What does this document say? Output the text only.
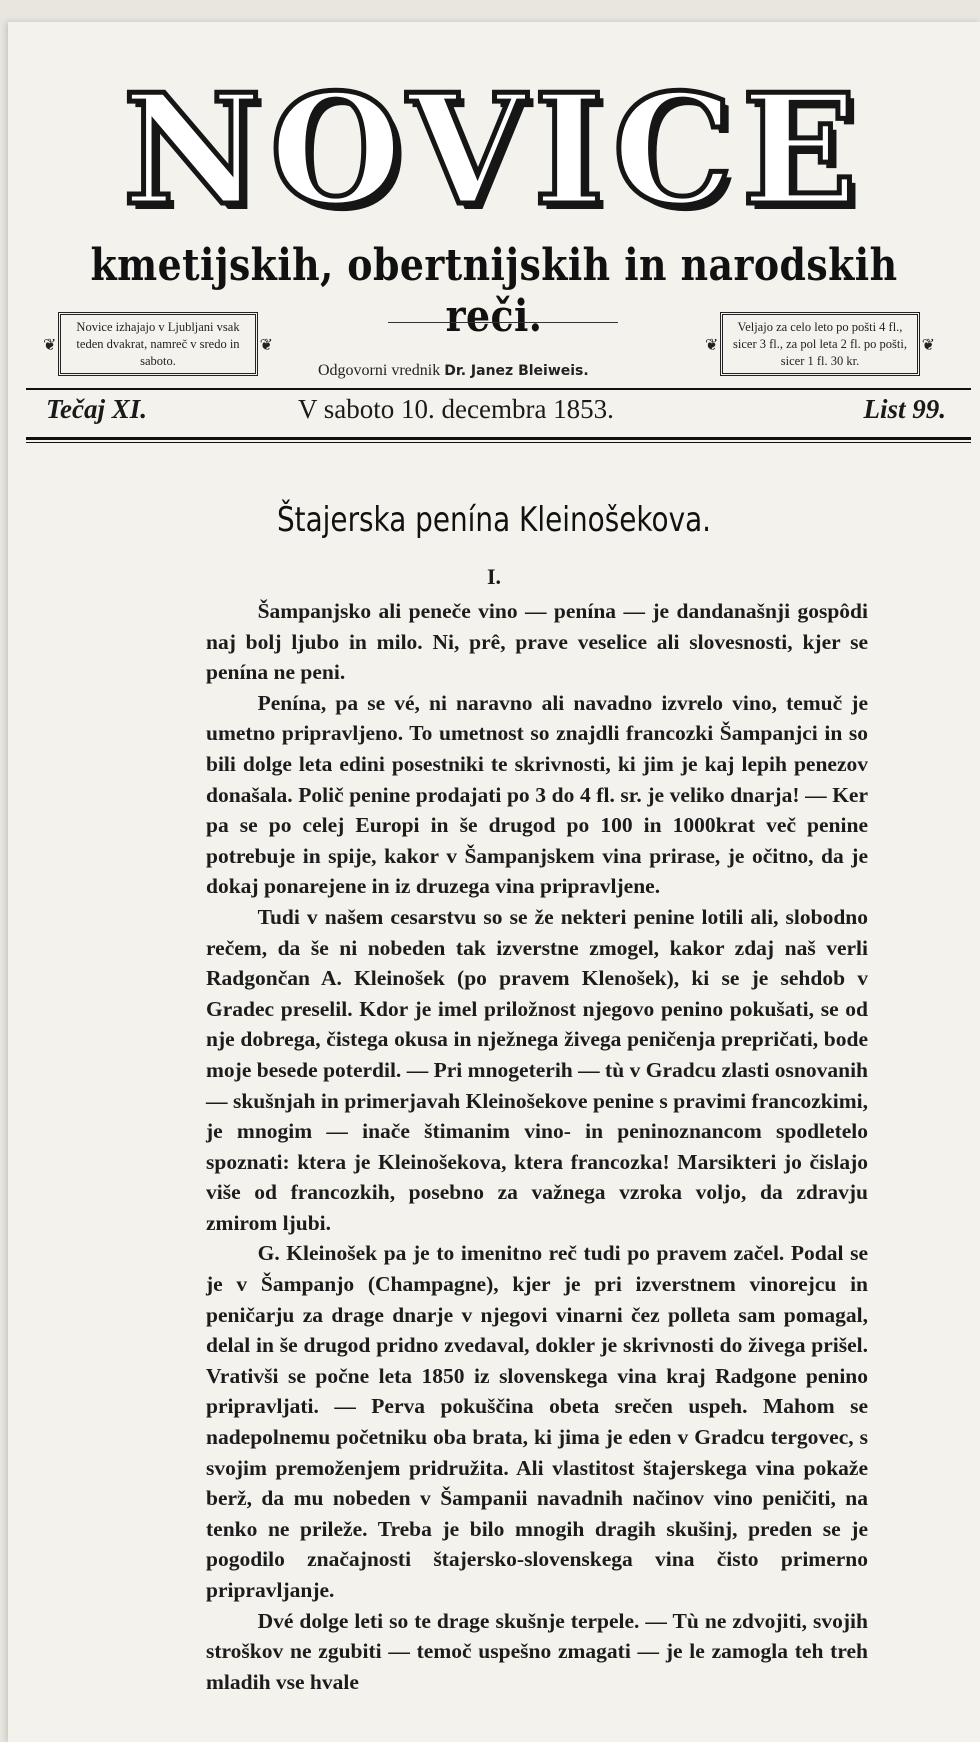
NOVICE
kmetijskih, obertnijskih in narodskih reči.
❦
Novice izhajajo v Ljubljani vsak teden dvakrat, namreč v sredo in saboto.
❦
Odgovorni vrednik Dr. Janez Bleiweis.
❦
Veljajo za celo leto po pošti 4 fl., sicer 3 fl., za pol leta 2 fl. po pošti, sicer 1 fl. 30 kr.
❦
Tečaj XI.	V saboto 10. decembra 1853.	List 99.
Štajerska penína Kleinošekova.
I.

Šampanjsko ali peneče vino — penína — je dandanašnji gospôdi naj bolj ljubo in milo. Ni, prê, prave veselice ali slovesnosti, kjer se penína ne peni.

Penína, pa se vé, ni naravno ali navadno izvrelo vino, temuč je umetno pripravljeno. To umetnost so znajdli francozki Šampanjci in so bili dolge leta edini posestniki te skrivnosti, ki jim je kaj lepih penezov donašala. Polič penine prodajati po 3 do 4 fl. sr. je veliko dnarja! — Ker pa se po celej Europi in še drugod po 100 in 1000krat več penine potrebuje in spije, kakor v Šampanjskem vina prirase, je očitno, da je dokaj ponarejene in iz druzega vina pripravljene.

Tudi v našem cesarstvu so se že nekteri penine lotili ali, slobodno rečem, da še ni nobeden tak izverstne zmogel, kakor zdaj naš verli Radgončan A. Kleinošek (po pravem Klenošek), ki se je sehdob v Gradec preselil. Kdor je imel priložnost njegovo penino pokušati, se od nje dobrega, čistega okusa in nježnega živega peničenja prepričati, bode moje besede poterdil. — Pri mnogeterih — tù v Gradcu zlasti osnovanih — skušnjah in primerjavah Kleinošekove penine s pravimi francozkimi, je mnogim — inače štimanim vino- in peninoznancom spodletelo spoznati: ktera je Kleinošekova, ktera francozka! Marsikteri jo čislajo više od francozkih, posebno za važnega vzroka voljo, da zdravju zmirom ljubi.

G. Kleinošek pa je to imenitno reč tudi po pravem začel. Podal se je v Šampanjo (Champagne), kjer je pri izverstnem vinorejcu in peničarju za drage dnarje v njegovi vinarni čez polleta sam pomagal, delal in še drugod pridno zvedaval, dokler je skrivnosti do živega prišel. Vrativši se počne leta 1850 iz slovenskega vina kraj Radgone penino pripravljati. — Perva pokuščina obeta srečen uspeh. Mahom se nadepolnemu početniku oba brata, ki jima je eden v Gradcu tergovec, s svojim premoženjem pridružita. Ali vlastitost štajerskega vina pokaže berž, da mu nobeden v Šampanii navadnih načinov vino peničiti, na tenko ne prileže. Treba je bilo mnogih dragih skušinj, preden se je pogodilo značajnosti štajersko-slovenskega vina čisto primerno pripravljanje.

Dvé dolge leti so te drage skušnje terpele. — Tù ne zdvojiti, svojih stroškov ne zgubiti — temoč uspešno zmagati — je le zamogla teh treh mladih vse hvale
